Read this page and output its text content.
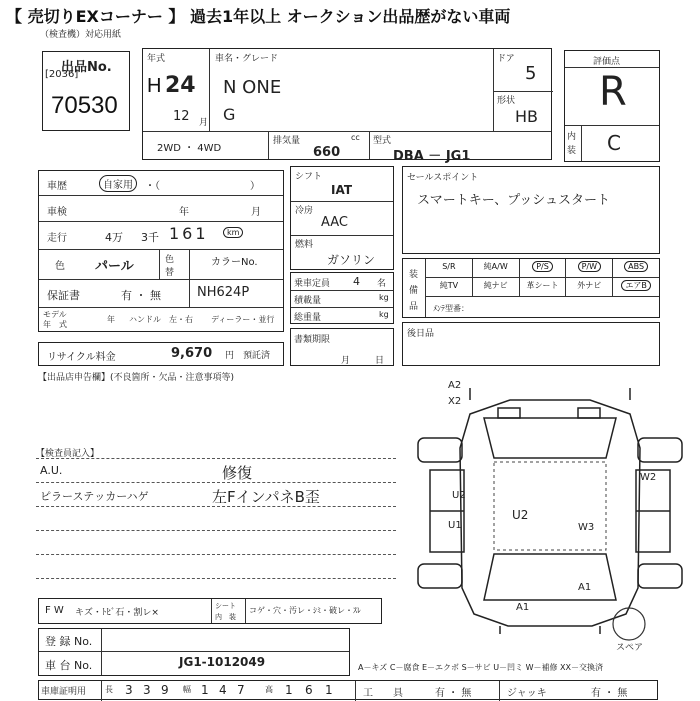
【 売切りEXコーナー 】 過去1年以上 オークション出品歴がない車両
（検査機）対応用紙
出品No.
[2036]
70530
年式
H 24
12 月
車名・グレード
N ONE
G
ドア
5
形状
HB
2WD ・ 4WD
排気量	cc
660
型式
DBA － JG1
評価点
R
内
装 C
車歴	自家用	・（　　　　　　　　　）
車検	年	月
走行	4万 3千 161	km
色 パール	色
替
カラーNo.
保証書	有 ・ 無	NH624P
モデル
年　式
年 ハンドル　左・右 ディーラー・並行
リサイクル料金	9,670 円 預託済
シフト
IAT
冷房
AAC
燃料
ガソリン
乗車定員 4 名
積載量	kg
総重量	kg
書類期限
月	日
セールスポイント
スマートキー、プッシュスタート
装
備
品
S/R	純A/W	P/S	P/W	ABS
純TV	純ナビ	革シート	外ナビ	エアB
ﾒﾝﾃ型番：
後日品
【出品店申告欄】(不良箇所・欠品・注意事項等)
【検査員記入】
A.U.
ピラーステッカーハゲ
修復
左FインパネB歪
A2
X2
W2
U2
U2
U1	W3
A1
A1
スペア
F W キズ・ﾄﾋﾞ石・割レ×
シート
内　装
コゲ・穴・汚レ・ｼﾐ・破レ・ｽﾚ
登 録 No.
車 台 No.	JG1-1012049	A－キズ C－腐食 E－エクボ S－サビ U－凹ミ W－補修 XX－交換済
車庫証明用 長 3 3 9 幅 1 4 7	高 1 6 1	工　　具	有 ・ 無	ジャッキ	有 ・ 無
